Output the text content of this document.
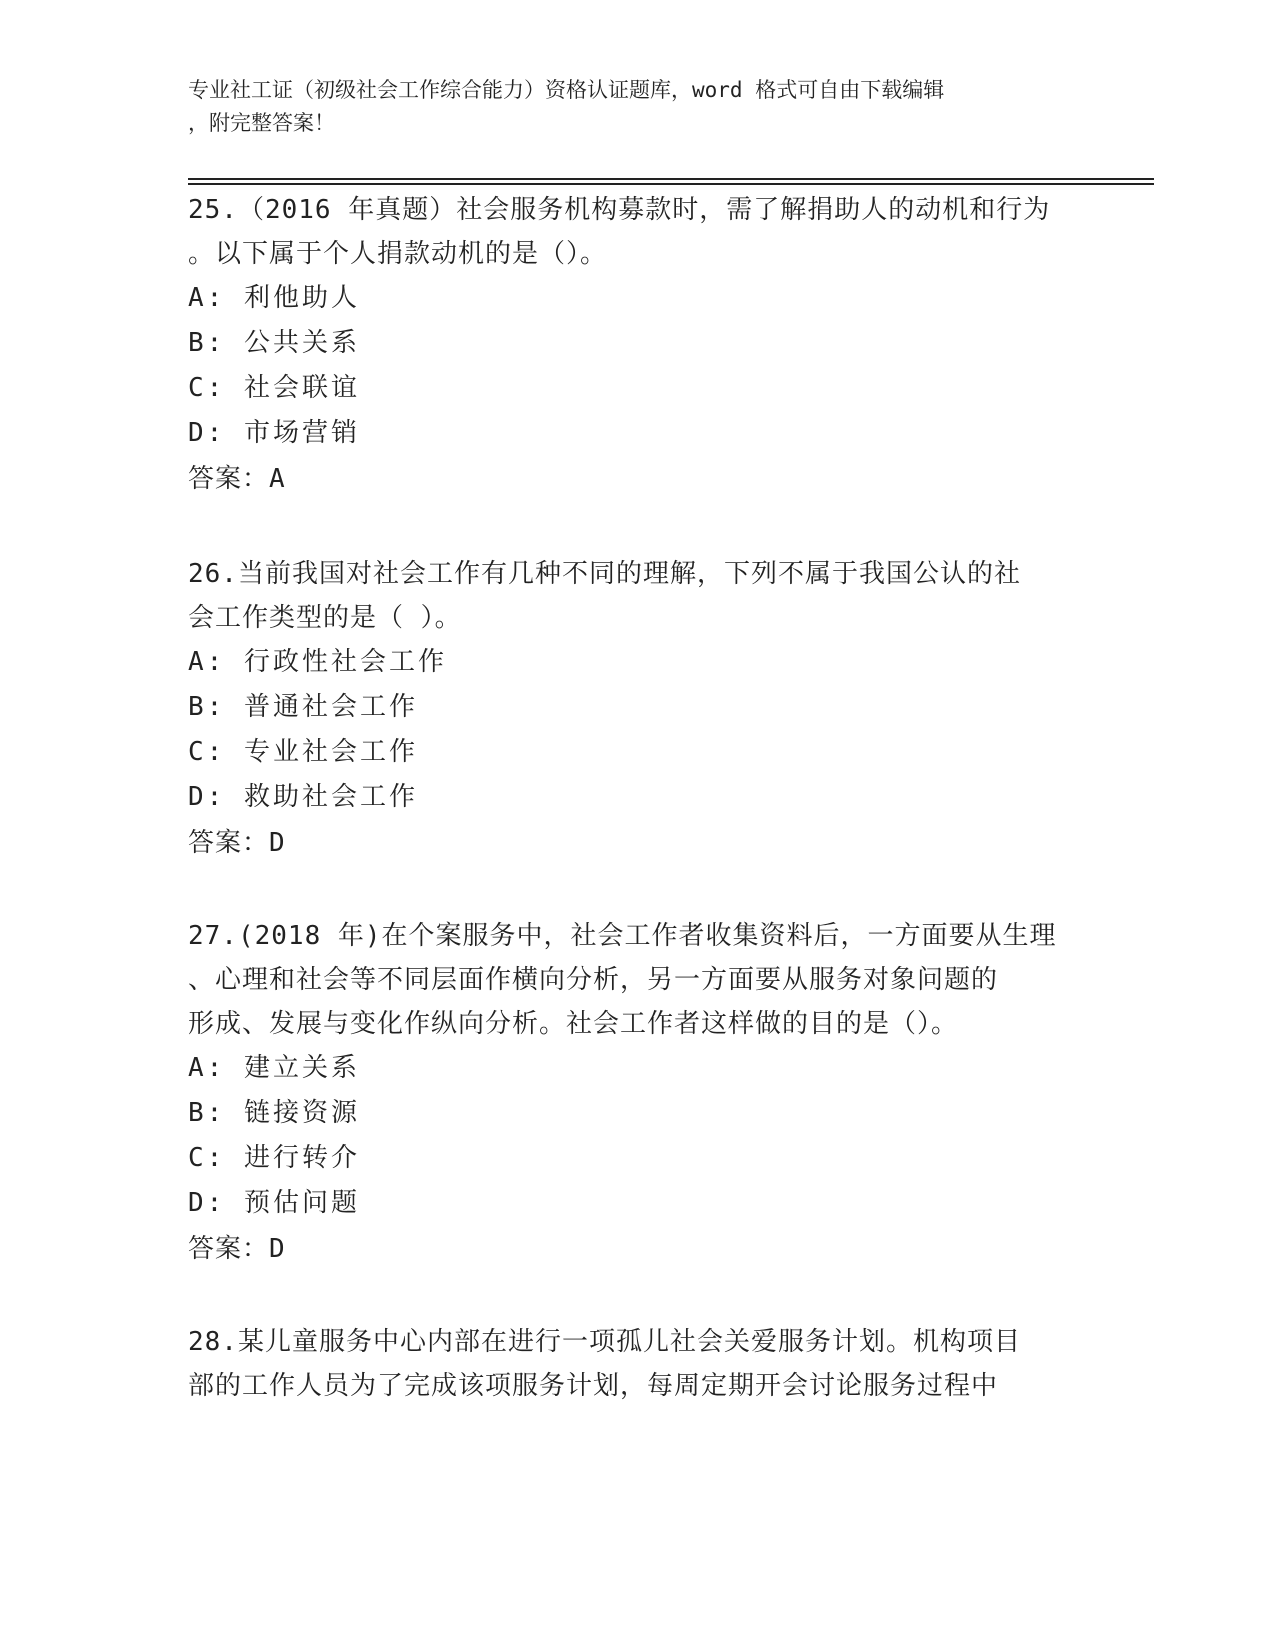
专业社工证（初级社会工作综合能力）资格认证题库，word 格式可自由下载编辑
，附完整答案！
25.（2016 年真题）社会服务机构募款时，需了解捐助人的动机和行为
。以下属于个人捐款动机的是（）。
A: 利他助人
B: 公共关系
C: 社会联谊
D: 市场营销
答案：A
26.当前我国对社会工作有几种不同的理解，下列不属于我国公认的社
会工作类型的是（ ）。
A: 行政性社会工作
B: 普通社会工作
C: 专业社会工作
D: 救助社会工作
答案：D
27.(2018 年)在个案服务中，社会工作者收集资料后，一方面要从生理
、心理和社会等不同层面作横向分析，另一方面要从服务对象问题的
形成、发展与变化作纵向分析。社会工作者这样做的目的是（）。
A: 建立关系
B: 链接资源
C: 进行转介
D: 预估问题
答案：D
28.某儿童服务中心内部在进行一项孤儿社会关爱服务计划。机构项目
部的工作人员为了完成该项服务计划，每周定期开会讨论服务过程中
